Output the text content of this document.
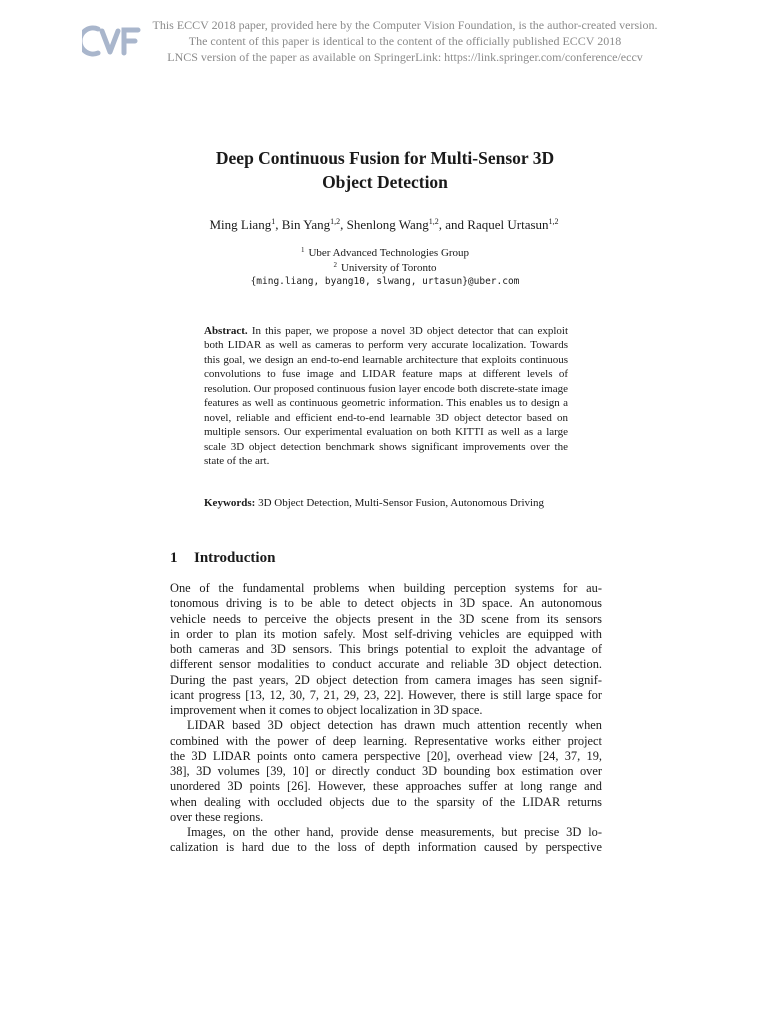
This ECCV 2018 paper, provided here by the Computer Vision Foundation, is the author-created version.
The content of this paper is identical to the content of the officially published ECCV 2018
LNCS version of the paper as available on SpringerLink: https://link.springer.com/conference/eccv
Deep Continuous Fusion for Multi-Sensor 3D
Object Detection
Ming Liang$^1$, Bin Yang$^{1,2}$, Shenlong Wang$^{1,2}$, and Raquel Urtasun$^{1,2}$
$^1$ Uber Advanced Technologies Group
$^2$ University of Toronto
{ming.liang, byang10, slwang, urtasun}@uber.com
Abstract. In this paper, we propose a novel 3D object detector that can exploit both LIDAR as well as cameras to perform very accurate localization. Towards this goal, we design an end-to-end learnable architecture that exploits continuous convolutions to fuse image and LIDAR feature maps at different levels of resolution. Our proposed continuous fusion layer encode both discrete-state image features as well as continuous geometric information. This enables us to design a novel, reliable and efficient end-to-end learnable 3D object detector based on multiple sensors. Our experimental evaluation on both KITTI as well as a large scale 3D object detection benchmark shows significant improvements over the state of the art.
Keywords: 3D Object Detection, Multi-Sensor Fusion, Autonomous Driving
1 Introduction

One of the fundamental problems when building perception systems for au-
tonomous driving is to be able to detect objects in 3D space. An autonomous
vehicle needs to perceive the objects present in the 3D scene from its sensors
in order to plan its motion safely. Most self-driving vehicles are equipped with
both cameras and 3D sensors. This brings potential to exploit the advantage of
different sensor modalities to conduct accurate and reliable 3D object detection.
During the past years, 2D object detection from camera images has seen signif-
icant progress [13, 12, 30, 7, 21, 29, 23, 22]. However, there is still large space for
improvement when it comes to object localization in 3D space.

LIDAR based 3D object detection has drawn much attention recently when
combined with the power of deep learning. Representative works either project
the 3D LIDAR points onto camera perspective [20], overhead view [24, 37, 19,
38], 3D volumes [39, 10] or directly conduct 3D bounding box estimation over
unordered 3D points [26]. However, these approaches suffer at long range and
when dealing with occluded objects due to the sparsity of the LIDAR returns
over these regions.

Images, on the other hand, provide dense measurements, but precise 3D lo-
calization is hard due to the loss of depth information caused by perspective
